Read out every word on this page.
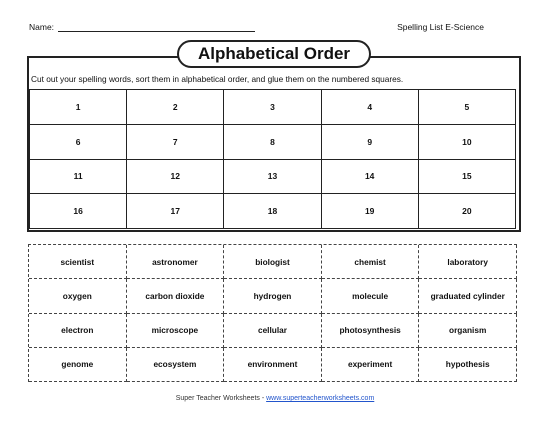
Name:	Spelling List E-Science
Alphabetical Order
Cut out your spelling words, sort them in alphabetical order, and glue them on the numbered squares.
1	2	3	4	5
6	7	8	9	10
11	12	13	14	15
16	17	18	19	20
scientist	astronomer	biologist	chemist	laboratory
oxygen	carbon dioxide	hydrogen	molecule	graduated cylinder
electron	microscope	cellular	photosynthesis	organism
genome	ecosystem	environment	experiment	hypothesis
Super Teacher Worksheets - www.superteacherworksheets.com
